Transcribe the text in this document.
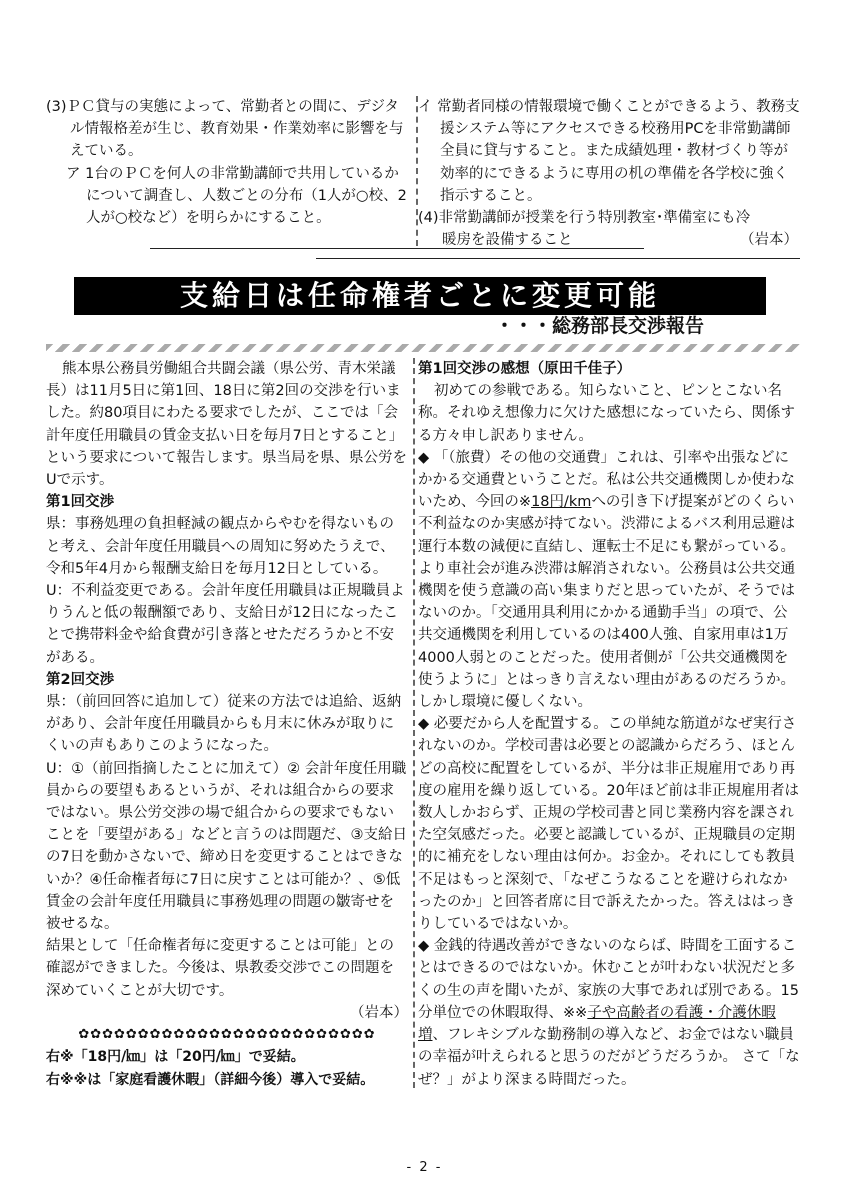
(3)ＰＣ貸与の実態によって、常勤者との間に、デジタル情報格差が生じ、教育効果・作業効率に影響を与えている。

ア 1台のＰＣを何人の非常勤講師で共用しているかについて調査し、人数ごとの分布（1人が○校、2人が○校など）を明らかにすること。

イ 常勤者同様の情報環境で働くことができるよう、教務支援システム等にアクセスできる校務用PCを非常勤講師全員に貸与すること。また成績処理・教材づくり等が効率的にできるように専用の机の準備を各学校に強く指示すること。

(4)非常勤講師が授業を行う特別教室･準備室にも冷暖房を設備すること	（岩本）
支給日は任命権者ごとに変更可能
・・・総務部長交渉報告

熊本県公務員労働組合共闘会議（県公労、青木栄議長）は11月5日に第1回、18日に第2回の交渉を行いました。約80項目にわたる要求でしたが、ここでは「会計年度任用職員の賃金支払い日を毎月7日とすること」という要求について報告します。県当局を県、県公労をUで示す。

第1回交渉

県：事務処理の負担軽減の観点からやむを得ないものと考え、会計年度任用職員への周知に努めたうえで、令和5年4月から報酬支給日を毎月12日としている。

U：不利益変更である。会計年度任用職員は正規職員よりうんと低の報酬額であり、支給日が12日になったことで携帯料金や給食費が引き落とせただろうかと不安がある。

第2回交渉

県：（前回回答に追加して）従来の方法では追給、返納があり、会計年度任用職員からも月末に休みが取りにくいの声もありこのようになった。

U：①（前回指摘したことに加えて）② 会計年度任用職員からの要望もあるというが、それは組合からの要求ではない。県公労交渉の場で組合からの要求でもないことを「要望がある」などと言うのは問題だ、③支給日の7日を動かさないで、締め日を変更することはできないか？④任命権者毎に7日に戻すことは可能か？、⑤低賃金の会計年度任用職員に事務処理の問題の皺寄せを被せるな。

結果として「任命権者毎に変更することは可能」との確認ができました。今後は、県教委交渉でこの問題を深めていくことが大切です。

（岩本）

✿✿✿✿✿✿✿✿✿✿✿✿✿✿✿✿✿✿✿✿✿✿✿✿✿

右※「18円/㎞」は「20円/㎞」で妥結。

右※※は「家庭看護休暇」（詳細今後）導入で妥結。

第1回交渉の感想（原田千佳子）

初めての参戦である。知らないこと、ピンとこない名称。それゆえ想像力に欠けた感想になっていたら、関係する方々申し訳ありません。

◆ 「（旅費）その他の交通費」これは、引率や出張などにかかる交通費ということだ。私は公共交通機関しか使わないため、今回の※18円/kmへの引き下げ提案がどのくらい不利益なのか実感が持てない。渋滞によるバス利用忌避は運行本数の減便に直結し、運転士不足にも繋がっている。より車社会が進み渋滞は解消されない。公務員は公共交通機関を使う意識の高い集まりだと思っていたが、そうではないのか。「交通用具利用にかかる通勤手当」の項で、公共交通機関を利用しているのは400人強、自家用車は1万4000人弱とのことだった。使用者側が「公共交通機関を使うように」とはっきり言えない理由があるのだろうか。しかし環境に優しくない。

◆ 必要だから人を配置する。この単純な筋道がなぜ実行されないのか。学校司書は必要との認識からだろう、ほとんどの高校に配置をしているが、半分は非正規雇用であり再度の雇用を繰り返している。20年ほど前は非正規雇用者は数人しかおらず、正規の学校司書と同じ業務内容を課された空気感だった。必要と認識しているが、正規職員の定期的に補充をしない理由は何か。お金か。それにしても教員不足はもっと深刻で、「なぜこうなることを避けられなかったのか」と回答者席に目で訴えたかった。答えははっきりしているではないか。

◆ 金銭的待遇改善ができないのならば、時間を工面することはできるのではないか。休むことが叶わない状況だと多くの生の声を聞いたが、家族の大事であれば別である。15分単位での休暇取得、※※子や高齢者の看護・介護休暇増、フレキシブルな勤務制の導入など、お金ではない職員の幸福が叶えられると思うのだがどうだろうか。 さて「なぜ？」がより深まる時間だった。

- 2 -
